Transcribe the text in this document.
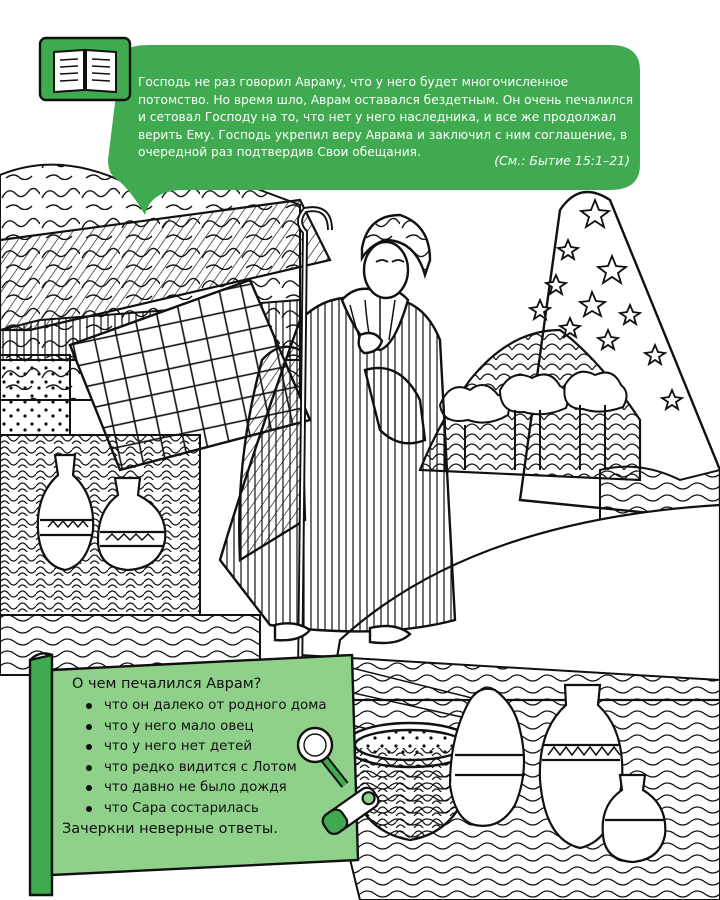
Господь не раз говорил Авраму, что у него будет многочисленное потомство. Но время шло, Аврам оставался бездетным. Он очень печалился и сетовал Господу на то, что нет у него наследника, и все же продолжал верить Ему. Господь укрепил веру Аврама и заключил с ним соглашение, в очередной раз подтвердив Свои обещания.

(См.: Бытие 15:1–21)

О чем печалился Аврам?

что он далеко от родного дома
что у него мало овец
что у него нет детей
что редко видится с Лотом
что давно не было дождя
что Сара состарилась
Зачеркни неверные ответы.
